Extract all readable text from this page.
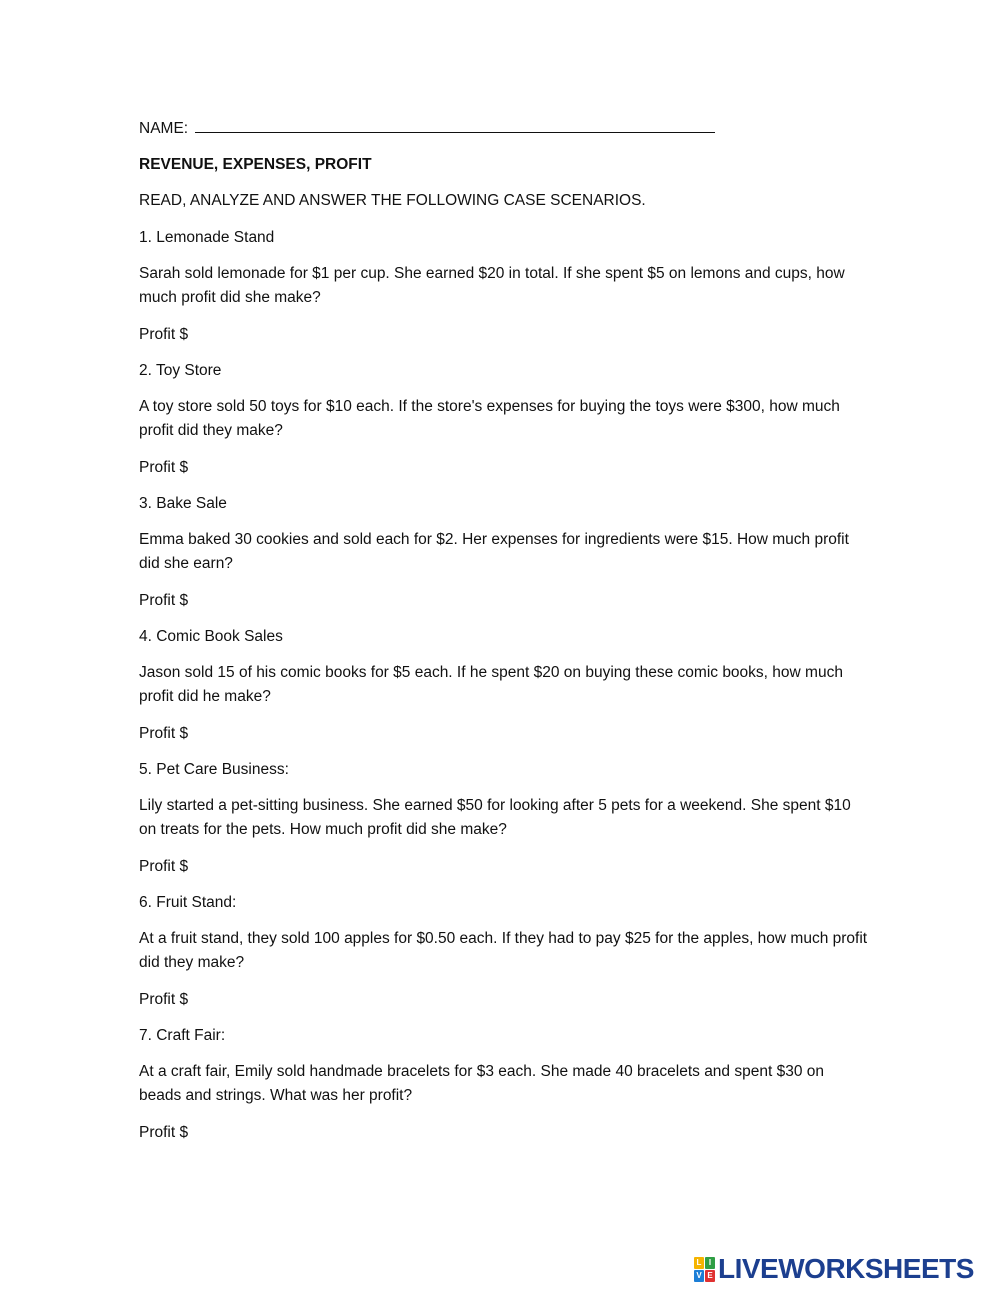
NAME:

REVENUE, EXPENSES, PROFIT

READ, ANALYZE AND ANSWER THE FOLLOWING CASE SCENARIOS.

1. Lemonade Stand

Sarah sold lemonade for $1 per cup. She earned $20 in total. If she spent $5 on lemons and cups, how much profit did she make?

Profit $

2. Toy Store

A toy store sold 50 toys for $10 each. If the store's expenses for buying the toys were $300, how much profit did they make?

Profit $

3. Bake Sale

Emma baked 30 cookies and sold each for $2. Her expenses for ingredients were $15. How much profit did she earn?

Profit $

4. Comic Book Sales

Jason sold 15 of his comic books for $5 each. If he spent $20 on buying these comic books, how much profit did he make?

Profit $

5. Pet Care Business:

Lily started a pet-sitting business. She earned $50 for looking after 5 pets for a weekend. She spent $10 on treats for the pets. How much profit did she make?

Profit $

6. Fruit Stand:

At a fruit stand, they sold 100 apples for $0.50 each. If they had to pay $25 for the apples, how much profit did they make?

Profit $

7. Craft Fair:

At a craft fair, Emily sold handmade bracelets for $3 each. She made 40 bracelets and spent $30 on beads and strings. What was her profit?

Profit $

L I
V E LIVEWORKSHEETS
